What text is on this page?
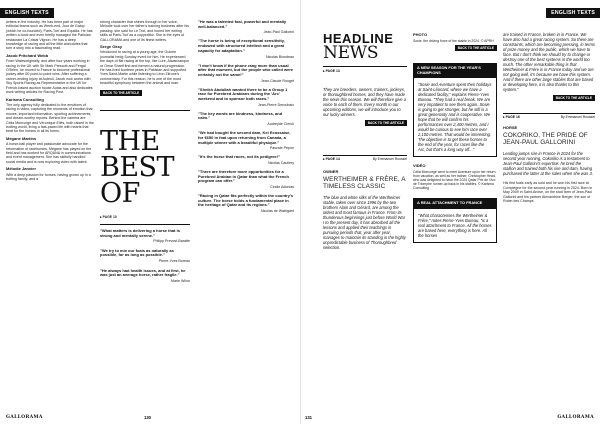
ENGLISH TEXTS

writers in the industry. He has been part of major editorial teams such as Week-end, Jour de Galop (which he co-founded), Paris-Turf and Equidia. He has written a book and even briefly managed the Parisian restaurant La Cristal Vignon. He has a deep knowledge of racing and all the little anecdotes that turn a story into a fascinating read.

Jacob Pritchard Webb

From Walesoriginally, and after four years working in racing in the UK with Sir Mark Prescott and Fergal O'Brien, he moved to France to become professional jockey after 50 point-to-point wins. After suffering a career-ending injury at Auteuil, Jacob now works with Sky Sports Racing as Representative in the UK for French-based auction house Autas and also dedicates work writing articles for Racing Post.

Karisma Consulting

The only agency fully dedicated to the emotions of racing in video, capturing the moments of emotion that moves, important information, sporting achievements, and dream-worthy reports. Behind the camera are Célia Moncorgé and Véronique Eliès, both raised in the trotting world, living a fast-paced life with hearts that beat for the horses in all its forms.

Mégane Martins

A horse-ball player and passionate advocate for the reformation of racehorses, Mégane has played on the field and has worked for ARQANA in communications and event management. She has skilfully handled social media and is now exploring video with talent.

Mélodie Janvier

With a deep passion for horses, having grown up in a trotting family, and a

strong character that shines through in her voice, Mélodie took over her father's training business after his passing: she said for Le Trot, and honed her writing skills at Paris-Turf as a copyeditor. She is the eyes of GALLORAMA and one of its finest writers.

Serge Oksy

Introduced to racing at a young age, the Guinée journalist hedg Sunday event for him. He experienced the days of flat racing at the top, like Lure, Alwanzanque or Omar Sharif first and formed a natural progression. He has lived fourteen years in Pakistan and supported Yves Saint-Martin while listening to Léon Zitrone's commentary. For this reason, he is one of the most beautiful symphony between the animal and man.

BACK TO THE ARTICLE
THE BEST OF
▸ PAGE 10
"What matters is delivering a horse that is strong and mentally serene."
Philipp Prevost-Baratte
"We try to mix our foals as naturally as possible, for as long as possible."
Pierre-Yves Bureau
"He always had health issues, and at first, he was just an average horse, rather fragile."
Marie Wilon
"He was a talented foal, powerful and mentally well-balanced."
Jean-Paul Gallorini
"The horse is being of exceptional sensitivity, endowed with structured intellect and a great capacity for adaptation."
Nicolas Blondeau
"I don't know if the phone rang more than usual after that moment, but the people who called were certainly not the same!"
Jean-Claude Rouget
"Sheikh Abdullah wanted there to be a Group 1 race for Purebred Arabians during the 'Arc' weekend and to sponsor both races."
Jean-Pierre Deroubaix
"The key words are kindness, kindness, and calm."
Audreyde Clerck
"We had bought the second dam, Kel Ecossaise, for €650 in foal upon returning from Canada, a multiple winner with a beautiful physique."
Pascale Pepon
"It's the horse that races, not its pedigree!"
Nicolas Caullery
"There are therefore more opportunities for a Purebred Arabian in Qatar than what the French program can offer."
Cécile Adonias
"Racing in Qatar fits perfectly within the country's culture. The horse holds a fundamental place in the heritage of Qatar and its regions."
Nicolas de Watrigant
GALLORAMA	130
ENGLISH TEXTS
HEADLINE
NEWS
▸ PAGE 13
They are breeders, owners, trainers, jockeys, or thoroughbred horses, and they have made the news this season. We will therefore give a voice to each of them. Every month in our upcoming editions, we will introduce you to our lucky winners.
BACK TO THE ARTICLE
▸ PAGE 14	By Emmanuel Roussel
OWNER
WERTHEIMER & FRÈRE, A TIMELESS CLASSIC
The blue and white silks of the Wertheimer stable, taken over since 1996 by the two brothers Alain and Gérard, are among the oldest and most famous in France. From its thunderous beginnings just before World War I to the present day, it has absorbed all the lessons and applied their teachings in pursuing periods that, year after year, manages to maintain its standing in the highly unpredictable business of Thoroughbred selection.
PHOTO
Sosie, the driving force of the stable in 2024. © APRH
BACK TO THE ARTICLE
A NEW SEASON FOR THE YEAR'S CHAMPIONS
"Sosie and Aventure spent their holidays at Saint-Léonard, where we have a dedicated facility," explains Pierre-Yves Bureau. "They had a real break. We are very impatient to see them again. Sosie is going to get stronger, but he still is a great generosity and is cooperative. We hope that he will confirm his performances over 2,400 metres, and I would be curious to see him race over 2,100 metres. That would be interesting. The objective is to get these horses to the end of the year, for races like the Arc, but that's a long way off..."
VIDÉO
Célia Moncorgé went to meet Aventure upon her return from vacation, as well as her trainer, Christopher Head, who was delighted to have the 2024 Qatar Prix de l'Arc de Triomphe runner-up back in his stables. © Karisma Consulting
A REAL ATTACHMENT TO FRANCE
"What characterises the Wertheimer & Frère," notes Pierre-Yves Bureau, "is a real attachment to France. All the horses are based here, everything is here. All the horses
are trained in France, broken in in France. We have also had a great racing system. So there are constraints, which are becoming pressing, in terms of prize money and the public, which we have to face. But I don't think we should try to change or destroy one of the best systems in the world too much. The other remarkable thing is that Wertheimer & Frère is in France today and we are not going well, it's because we have this system. And if there are other large stables that are based or developing here, it is also thanks to this system."
BACK TO THE ARTICLE
▸ PAGE 16	By Emmanuel Roussel
HORSE
COKORIKO, THE PRIDE OF JEAN-PAUL GALLORINI
Leading jumps sire in France in 2024 for the second year running, Cokoriko is a testament to Jean-Paul Gallorini's expertise: he bred the stallion and trained both his sire and dam, having purchased the latter at the sales when she was 3.
His first foals early as sold and he won his first race at Compiègne for the second year running in 2024. Born in May 2009 in Saint-Arcise, on the stud farm of Jean-Paul Gallorini and his partner Alexandrine Berger, the son of Robin des Champs
131	GALLORAMA
